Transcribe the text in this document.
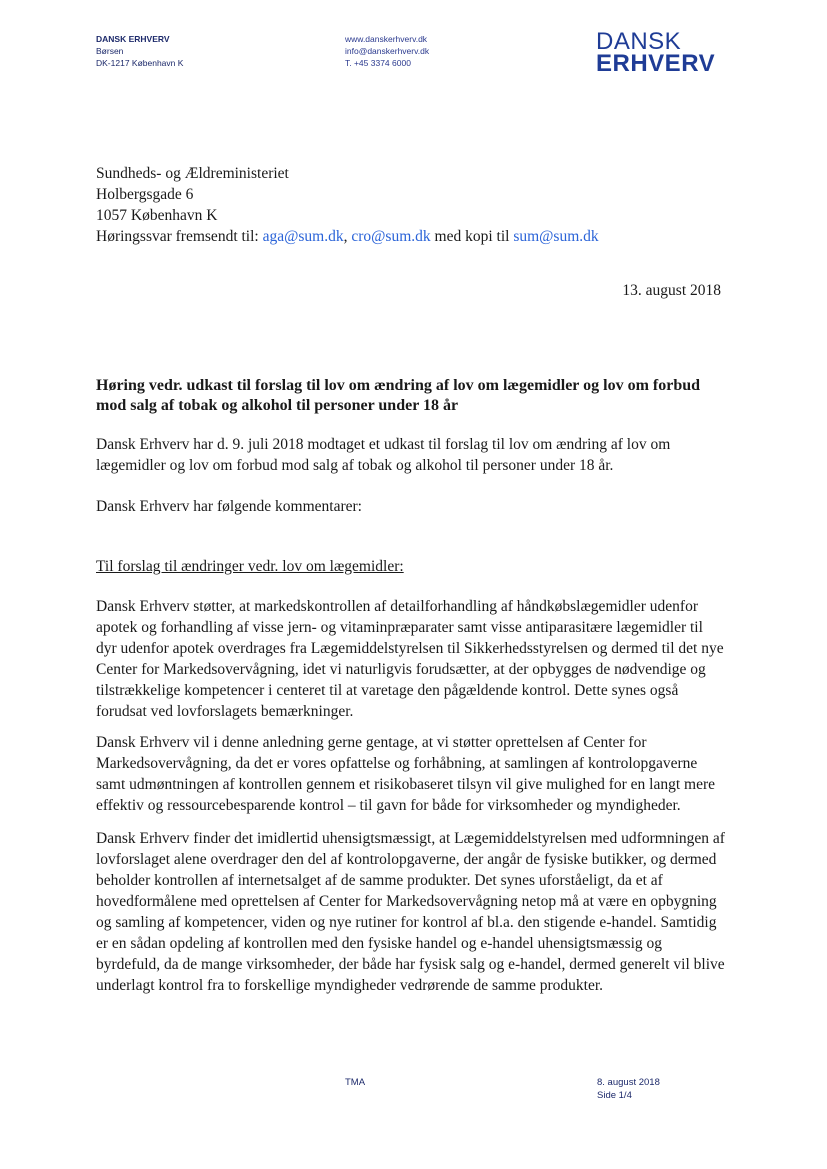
DANSK ERHVERV
Børsen
DK-1217 København K
www.danskerhverv.dk
info@danskerhverv.dk
T. +45 3374 6000
DANSK
ERHVERV
Sundheds- og Ældreministeriet
Holbergsgade 6
1057 København K
Høringssvar fremsendt til: aga@sum.dk, cro@sum.dk med kopi til sum@sum.dk
13. august 2018
Høring vedr. udkast til forslag til lov om ændring af lov om lægemidler og lov om forbud mod salg af tobak og alkohol til personer under 18 år
Dansk Erhverv har d. 9. juli 2018 modtaget et udkast til forslag til lov om ændring af lov om lægemidler og lov om forbud mod salg af tobak og alkohol til personer under 18 år.
Dansk Erhverv har følgende kommentarer:
Til forslag til ændringer vedr. lov om lægemidler:
Dansk Erhverv støtter, at markedskontrollen af detailforhandling af håndkøbslægemidler udenfor apotek og forhandling af visse jern- og vitaminpræparater samt visse antiparasitære lægemidler til dyr udenfor apotek overdrages fra Lægemiddelstyrelsen til Sikkerhedsstyrelsen og dermed til det nye Center for Markedsovervågning, idet vi naturligvis forudsætter, at der opbygges de nødvendige og tilstrækkelige kompetencer i centeret til at varetage den pågældende kontrol. Dette synes også forudsat ved lovforslagets bemærkninger.
Dansk Erhverv vil i denne anledning gerne gentage, at vi støtter oprettelsen af Center for Markedsovervågning, da det er vores opfattelse og forhåbning, at samlingen af kontrolopgaverne samt udmøntningen af kontrollen gennem et risikobaseret tilsyn vil give mulighed for en langt mere effektiv og ressourcebesparende kontrol – til gavn for både for virksomheder og myndigheder.
Dansk Erhverv finder det imidlertid uhensigtsmæssigt, at Lægemiddelstyrelsen med udformningen af lovforslaget alene overdrager den del af kontrolopgaverne, der angår de fysiske butikker, og dermed beholder kontrollen af internetsalget af de samme produkter. Det synes uforståeligt, da et af hovedformålene med oprettelsen af Center for Markedsovervågning netop må at være en opbygning og samling af kompetencer, viden og nye rutiner for kontrol af bl.a. den stigende e-handel. Samtidig er en sådan opdeling af kontrollen med den fysiske handel og e-handel uhensigtsmæssig og byrdefuld, da de mange virksomheder, der både har fysisk salg og e-handel, dermed generelt vil blive underlagt kontrol fra to forskellige myndigheder vedrørende de samme produkter.
TMA	8. august 2018
Side 1/4
